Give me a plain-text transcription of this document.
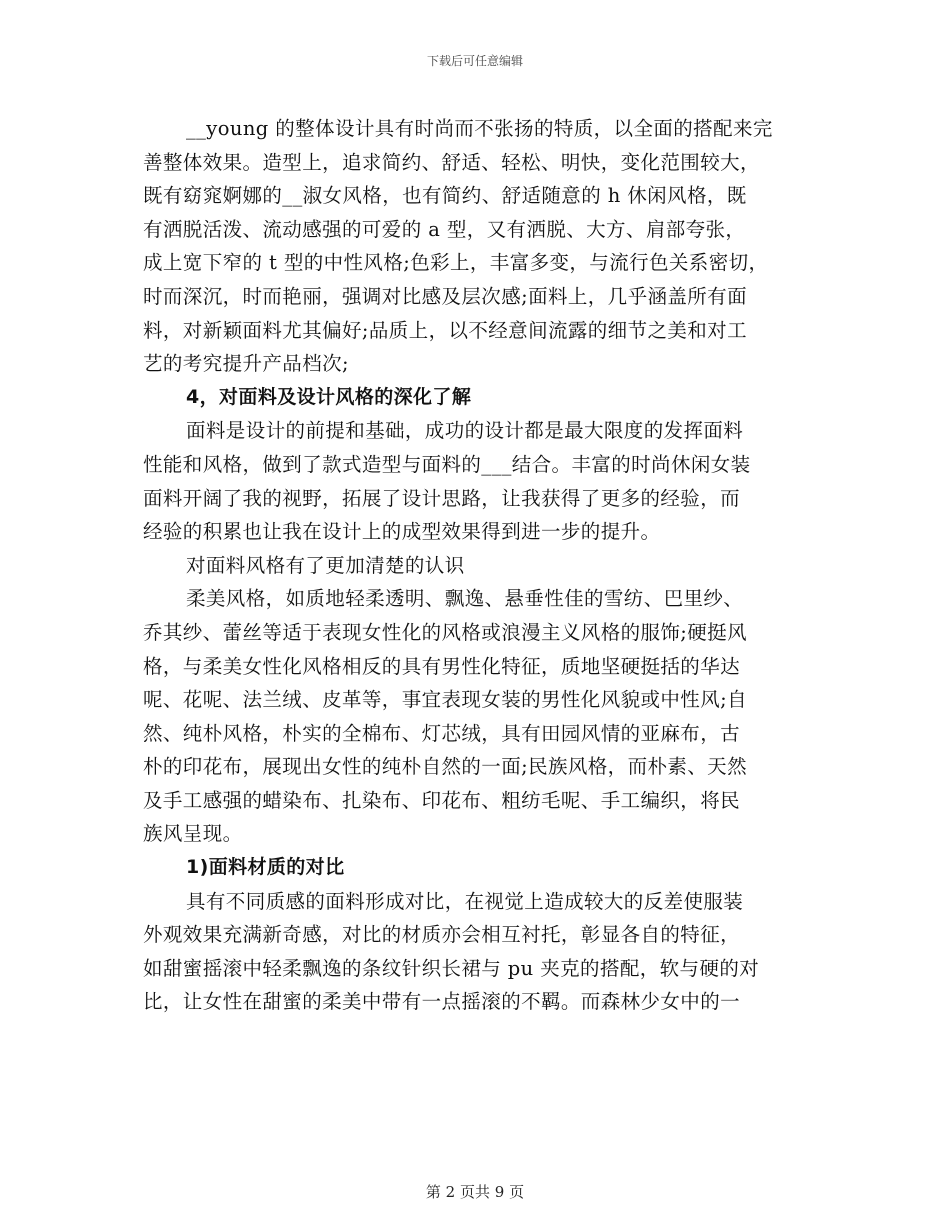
下载后可任意编辑
__young 的整体设计具有时尚而不张扬的特质，以全面的搭配来完
善整体效果。造型上，追求简约、舒适、轻松、明快，变化范围较大，
既有窈窕婀娜的__淑女风格，也有简约、舒适随意的 h 休闲风格，既
有洒脱活泼、流动感强的可爱的 a 型，又有洒脱、大方、肩部夸张，
成上宽下窄的 t 型的中性风格;色彩上，丰富多变，与流行色关系密切，
时而深沉，时而艳丽，强调对比感及层次感;面料上，几乎涵盖所有面
料，对新颖面料尤其偏好;品质上，以不经意间流露的细节之美和对工
艺的考究提升产品档次;
4，对面料及设计风格的深化了解
面料是设计的前提和基础，成功的设计都是最大限度的发挥面料
性能和风格，做到了款式造型与面料的___结合。丰富的时尚休闲女装
面料开阔了我的视野，拓展了设计思路，让我获得了更多的经验，而
经验的积累也让我在设计上的成型效果得到进一步的提升。
对面料风格有了更加清楚的认识
柔美风格，如质地轻柔透明、飘逸、悬垂性佳的雪纺、巴里纱、
乔其纱、蕾丝等适于表现女性化的风格或浪漫主义风格的服饰;硬挺风
格，与柔美女性化风格相反的具有男性化特征，质地坚硬挺括的华达
呢、花呢、法兰绒、皮革等，事宜表现女装的男性化风貌或中性风;自
然、纯朴风格，朴实的全棉布、灯芯绒，具有田园风情的亚麻布，古
朴的印花布，展现出女性的纯朴自然的一面;民族风格，而朴素、天然
及手工感强的蜡染布、扎染布、印花布、粗纺毛呢、手工编织，将民
族风呈现。
1)面料材质的对比
具有不同质感的面料形成对比，在视觉上造成较大的反差使服装
外观效果充满新奇感，对比的材质亦会相互衬托，彰显各自的特征，
如甜蜜摇滚中轻柔飘逸的条纹针织长裙与 pu 夹克的搭配，软与硬的对
比，让女性在甜蜜的柔美中带有一点摇滚的不羁。而森林少女中的一
第 2 页共 9 页
